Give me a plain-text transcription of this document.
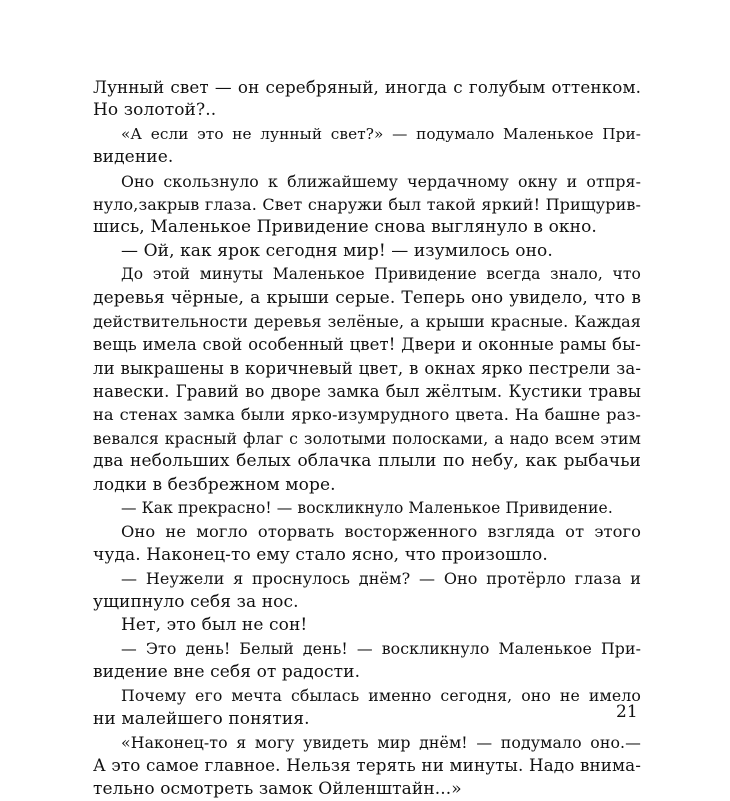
Лунный свет — он серебряный, иногда с голубым оттенком.
Но золотой?..
«А если это не лунный свет?» — подумало Маленькое При-
видение.
Оно скользнуло к ближайшему чердачному окну и отпря-
нуло,закрыв глаза. Свет снаружи был такой яркий! Прищурив-
шись, Маленькое Привидение снова выглянуло в окно.
— Ой, как ярок сегодня мир! — изумилось оно.
До этой минуты Маленькое Привидение всегда знало, что
деревья чёрные, а крыши серые. Теперь оно увидело, что в
действительности деревья зелёные, а крыши красные. Каждая
вещь имела свой особенный цвет! Двери и оконные рамы бы-
ли выкрашены в коричневый цвет, в окнах ярко пестрели за-
навески. Гравий во дворе замка был жёлтым. Кустики травы
на стенах замка были ярко-изумрудного цвета. На башне раз-
вевался красный флаг с золотыми полосками, а надо всем этим
два небольших белых облачка плыли по небу, как рыбачьи
лодки в безбрежном море.
— Как прекрасно! — воскликнуло Маленькое Привидение.
Оно не могло оторвать восторженного взгляда от этого
чуда. Наконец-то ему стало ясно, что произошло.
— Неужели я проснулось днём? — Оно протёрло глаза и
ущипнуло себя за нос.
Нет, это был не сон!
— Это день! Белый день! — воскликнуло Маленькое При-
видение вне себя от радости.
Почему его мечта сбылась именно сегодня, оно не имело
ни малейшего понятия.
«Наконец-то я могу увидеть мир днём! — подумало оно.—
А это самое главное. Нельзя терять ни минуты. Надо внима-
тельно осмотреть замок Ойленштайн...»
21
